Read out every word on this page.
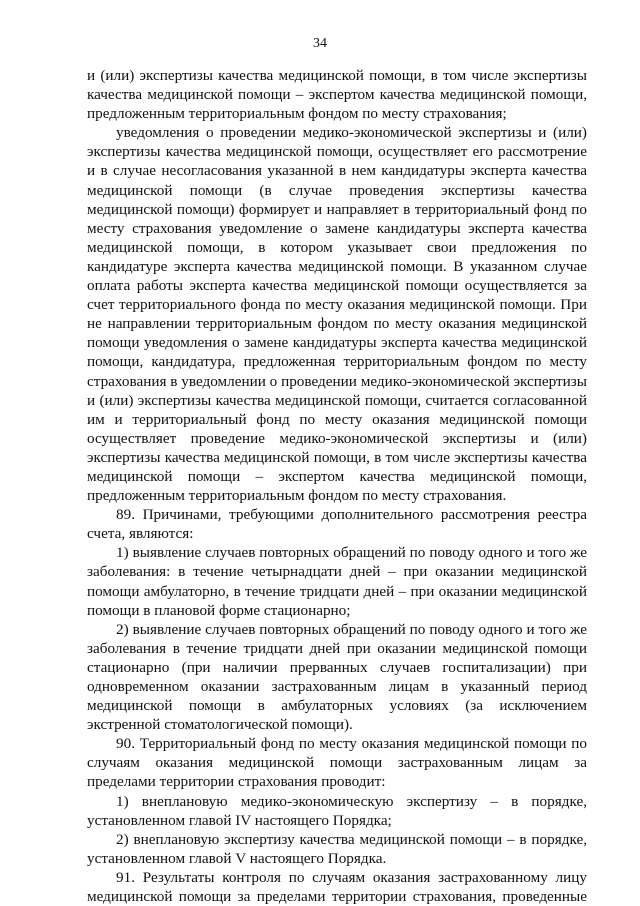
34

и (или) экспертизы качества медицинской помощи, в том числе экспертизы качества медицинской помощи – экспертом качества медицинской помощи, предложенным территориальным фондом по месту страхования;

уведомления о проведении медико-экономической экспертизы и (или) экспертизы качества медицинской помощи, осуществляет его рассмотрение и в случае несогласования указанной в нем кандидатуры эксперта качества медицинской помощи (в случае проведения экспертизы качества медицинской помощи) формирует и направляет в территориальный фонд по месту страхования уведомление о замене кандидатуры эксперта качества медицинской помощи, в котором указывает свои предложения по кандидатуре эксперта качества медицинской помощи. В указанном случае оплата работы эксперта качества медицинской помощи осуществляется за счет территориального фонда по месту оказания медицинской помощи. При не направлении территориальным фондом по месту оказания медицинской помощи уведомления о замене кандидатуры эксперта качества медицинской помощи, кандидатура, предложенная территориальным фондом по месту страхования в уведомлении о проведении медико-экономической экспертизы и (или) экспертизы качества медицинской помощи, считается согласованной им и территориальный фонд по месту оказания медицинской помощи осуществляет проведение медико-экономической экспертизы и (или) экспертизы качества медицинской помощи, в том числе экспертизы качества медицинской помощи – экспертом качества медицинской помощи, предложенным территориальным фондом по месту страхования.

89. Причинами, требующими дополнительного рассмотрения реестра счета, являются:

1) выявление случаев повторных обращений по поводу одного и того же заболевания: в течение четырнадцати дней – при оказании медицинской помощи амбулаторно, в течение тридцати дней – при оказании медицинской помощи в плановой форме стационарно;

2) выявление случаев повторных обращений по поводу одного и того же заболевания в течение тридцати дней при оказании медицинской помощи стационарно (при наличии прерванных случаев госпитализации) при одновременном оказании застрахованным лицам в указанный период медицинской помощи в амбулаторных условиях (за исключением экстренной стоматологической помощи).

90. Территориальный фонд по месту оказания медицинской помощи по случаям оказания медицинской помощи застрахованным лицам за пределами территории страхования проводит:

1) внеплановую медико-экономическую экспертизу – в порядке, установленном главой IV настоящего Порядка;

2) внеплановую экспертизу качества медицинской помощи – в порядке, установленном главой V настоящего Порядка.

91. Результаты контроля по случаям оказания застрахованному лицу медицинской помощи за пределами территории страхования, проведенные
